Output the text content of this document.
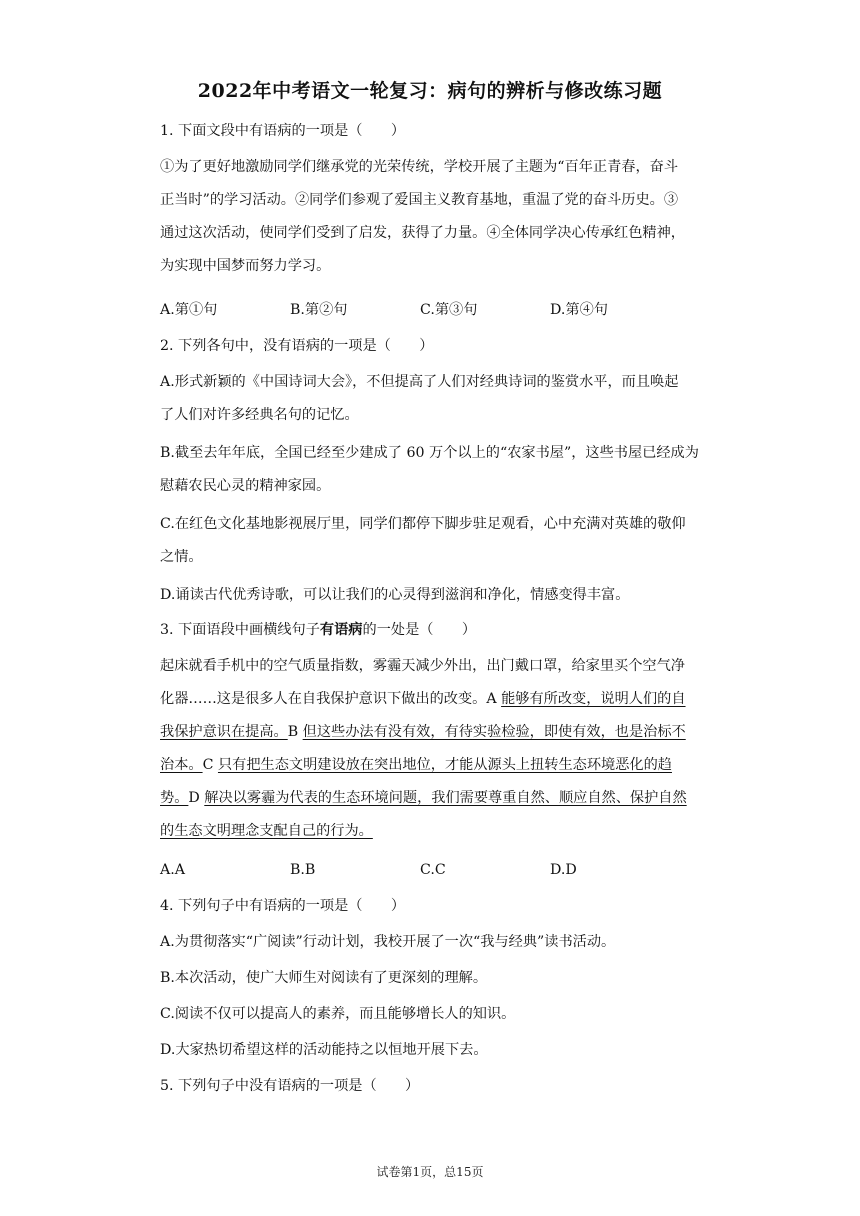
2022年中考语文一轮复习：病句的辨析与修改练习题
1. 下面文段中有语病的一项是（　　）
①为了更好地激励同学们继承党的光荣传统，学校开展了主题为“百年正青春，奋斗
正当时”的学习活动。②同学们参观了爱国主义教育基地，重温了党的奋斗历史。③
通过这次活动，使同学们受到了启发，获得了力量。④全体同学决心传承红色精神，
为实现中国梦而努力学习。
A.第①句	B.第②句	C.第③句	D.第④句
2. 下列各句中，没有语病的一项是（　　）
A.形式新颖的《中国诗词大会》，不但提高了人们对经典诗词的鉴赏水平，而且唤起
了人们对许多经典名句的记忆。
B.截至去年年底，全国已经至少建成了 60 万个以上的“农家书屋”，这些书屋已经成为
慰藉农民心灵的精神家园。
C.在红色文化基地影视展厅里，同学们都停下脚步驻足观看，心中充满对英雄的敬仰
之情。
D.诵读古代优秀诗歌，可以让我们的心灵得到滋润和净化，情感变得丰富。
3. 下面语段中画横线句子有语病的一处是（　　）
起床就看手机中的空气质量指数，雾霾天减少外出，出门戴口罩，给家里买个空气净
化器……这是很多人在自我保护意识下做出的改变。A 能够有所改变，说明人们的自
我保护意识在提高。B 但这些办法有没有效，有待实验检验，即使有效，也是治标不
治本。C 只有把生态文明建设放在突出地位，才能从源头上扭转生态环境恶化的趋
势。D 解决以雾霾为代表的生态环境问题，我们需要尊重自然、顺应自然、保护自然
的生态文明理念支配自己的行为。
A.A	B.B	C.C	D.D
4. 下列句子中有语病的一项是（　　）
A.为贯彻落实“广阅读”行动计划，我校开展了一次“我与经典”读书活动。
B.本次活动，使广大师生对阅读有了更深刻的理解。
C.阅读不仅可以提高人的素养，而且能够增长人的知识。
D.大家热切希望这样的活动能持之以恒地开展下去。
5. 下列句子中没有语病的一项是（　　）
试卷第1页，总15页
